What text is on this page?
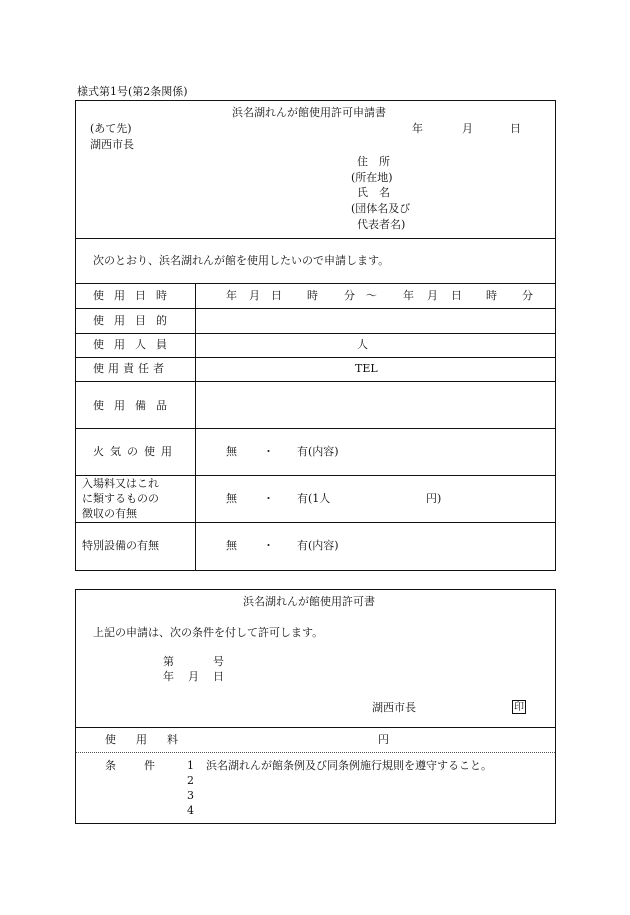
様式第1号(第2条関係)
浜名湖れんが館使用許可申請書
(あて先)
湖西市長
年	月	日
住　所
(所在地)
氏　名
(団体名及び
代表者名)
次のとおり、浜名湖れんが館を使用したいので申請します。
使用日時	年 月 日 時 分 〜 年 月 日 時 分
使用目的
使用人員	人
使用責任者	TEL
使用備品
火気の使用	無 ・ 有(内容)
入場料又はこれ
に類するものの
徴収の有無
無 ・ 有(1人	円)
特別設備の有無	無 ・ 有(内容)
浜名湖れんが館使用許可書
上記の申請は、次の条件を付して許可します。
第	号
年 月 日
湖西市長	印
使用料	円
条件 1 浜名湖れんが館条例及び同条例施行規則を遵守すること。
2
3
4
